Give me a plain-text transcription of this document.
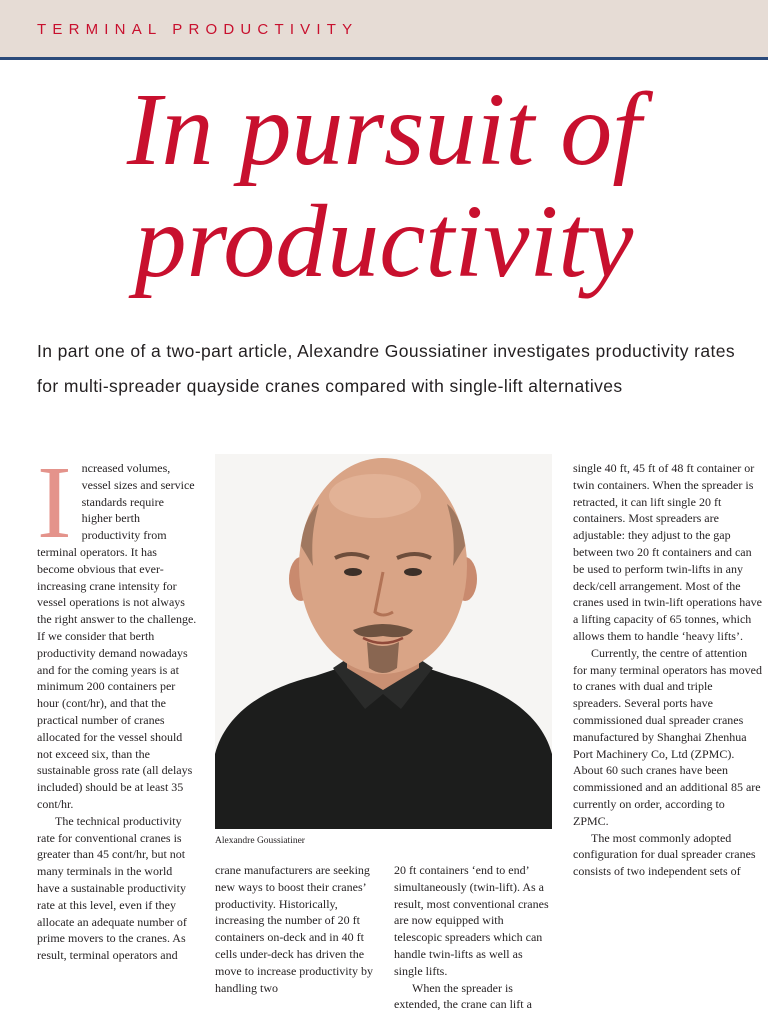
TERMINAL PRODUCTIVITY
In pursuit of
productivity
In part one of a two-part article, Alexandre Goussiatiner investigates productivity rates for multi-spreader quayside cranes compared with single-lift alternatives

Increased volumes, vessel sizes and service standards require higher berth productivity from terminal operators. It has become obvious that ever-increasing crane intensity for vessel operations is not always the right answer to the challenge. If we consider that berth productivity demand nowadays and for the coming years is at minimum 200 containers per hour (cont/hr), and that the practical number of cranes allocated for the vessel should not exceed six, than the sustainable gross rate (all delays included) should be at least 35 cont/hr.

The technical productivity rate for conventional cranes is greater than 45 cont/hr, but not many terminals in the world have a sustainable productivity rate at this level, even if they allocate an adequate number of prime movers to the cranes. As result, terminal operators and

Alexandre Goussiatiner

crane manufacturers are seeking new ways to boost their cranes’ productivity. Historically, increasing the number of 20 ft containers on-deck and in 40 ft cells under-deck has driven the move to increase productivity by handling two

20 ft containers ‘end to end’ simultaneously (twin-lift). As a result, most conventional cranes are now equipped with telescopic spreaders which can handle twin-lifts as well as single lifts.

When the spreader is extended, the crane can lift a

single 40 ft, 45 ft of 48 ft container or twin containers. When the spreader is retracted, it can lift single 20 ft containers. Most spreaders are adjustable: they adjust to the gap between two 20 ft containers and can be used to perform twin-lifts in any deck/cell arrangement. Most of the cranes used in twin-lift operations have a lifting capacity of 65 tonnes, which allows them to handle ‘heavy lifts’.

Currently, the centre of attention for many terminal operators has moved to cranes with dual and triple spreaders. Several ports have commissioned dual spreader cranes manufactured by Shanghai Zhenhua Port Machinery Co, Ltd (ZPMC). About 60 such cranes have been commissioned and an additional 85 are currently on order, according to ZPMC.

The most commonly adopted configuration for dual spreader cranes consists of two independent sets of
